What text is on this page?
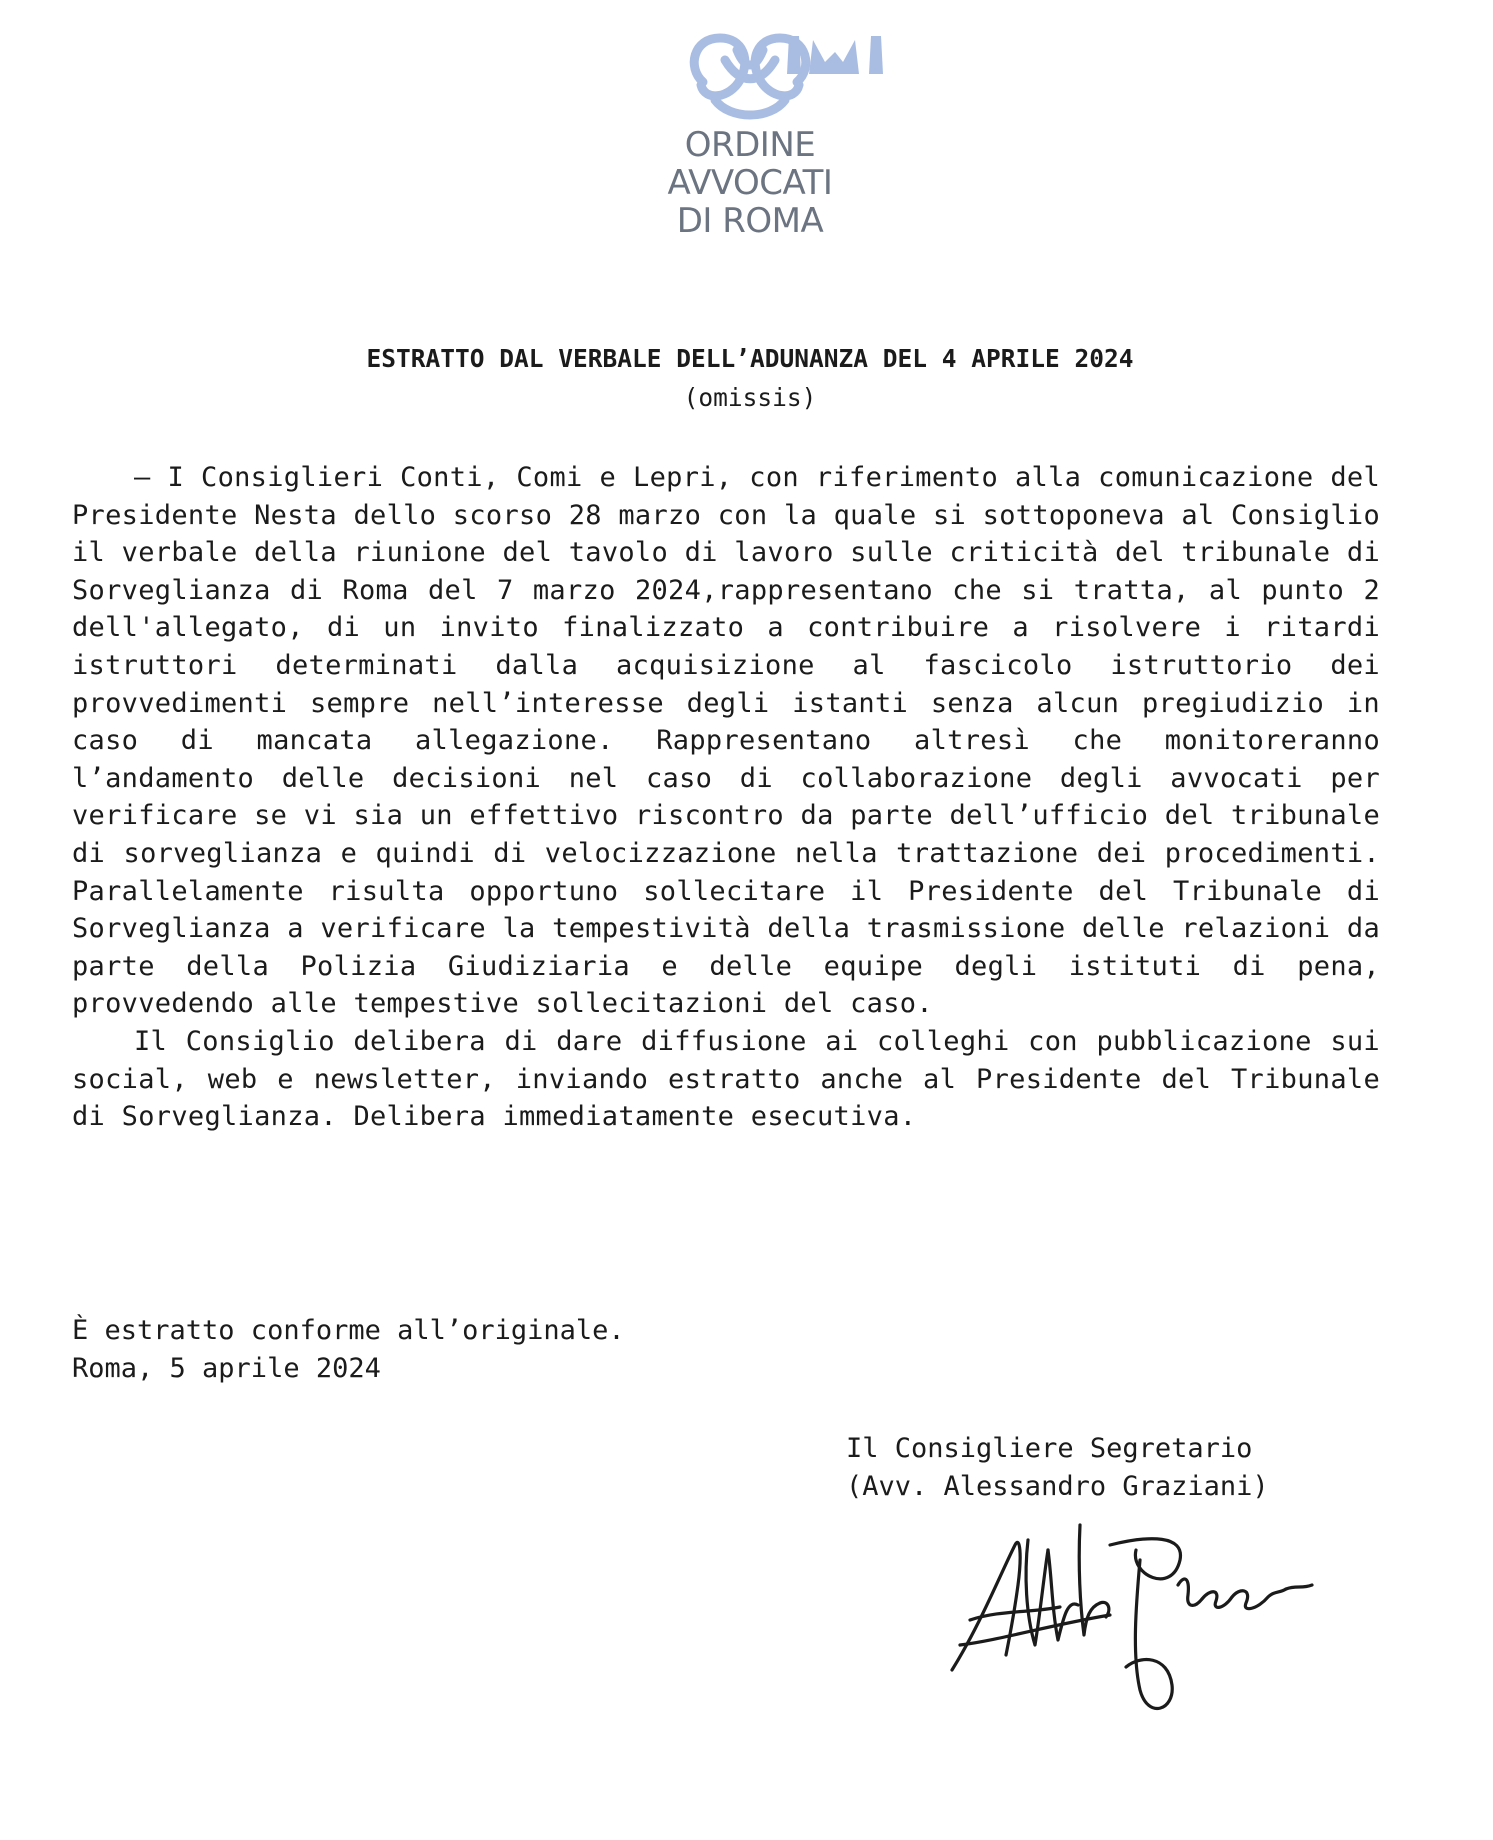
ORDINE
AVVOCATI
DI ROMA
ESTRATTO DAL VERBALE DELL’ADUNANZA DEL 4 APRILE 2024
(omissis)

– I Consiglieri Conti, Comi e Lepri, con riferimento alla comunicazione del Presidente Nesta dello scorso 28 marzo con la quale si sottoponeva al Consiglio il verbale della riunione del tavolo di lavoro sulle criticità del tribunale di Sorveglianza di Roma del 7 marzo 2024,rappresentano che si tratta, al punto 2 dell'allegato, di un invito finalizzato a contribuire a risolvere i ritardi istruttori determinati dalla acquisizione al fascicolo istruttorio dei provvedimenti sempre nell’interesse degli istanti senza alcun pregiudizio in caso di mancata allegazione. Rappresentano altresì che monitoreranno l’andamento delle decisioni nel caso di collaborazione degli avvocati per verificare se vi sia un effettivo riscontro da parte dell’ufficio del tribunale di sorveglianza e quindi di velocizzazione nella trattazione dei procedimenti. Parallelamente risulta opportuno sollecitare il Presidente del Tribunale di Sorveglianza a verificare la tempestività della trasmissione delle relazioni da parte della Polizia Giudiziaria e delle equipe degli istituti di pena, provvedendo alle tempestive sollecitazioni del caso.

Il Consiglio delibera di dare diffusione ai colleghi con pubblicazione sui social, web e newsletter, inviando estratto anche al Presidente del Tribunale di Sorveglianza. Delibera immediatamente esecutiva.

È estratto conforme all’originale.
Roma, 5 aprile 2024
Il Consigliere Segretario
(Avv. Alessandro Graziani)
